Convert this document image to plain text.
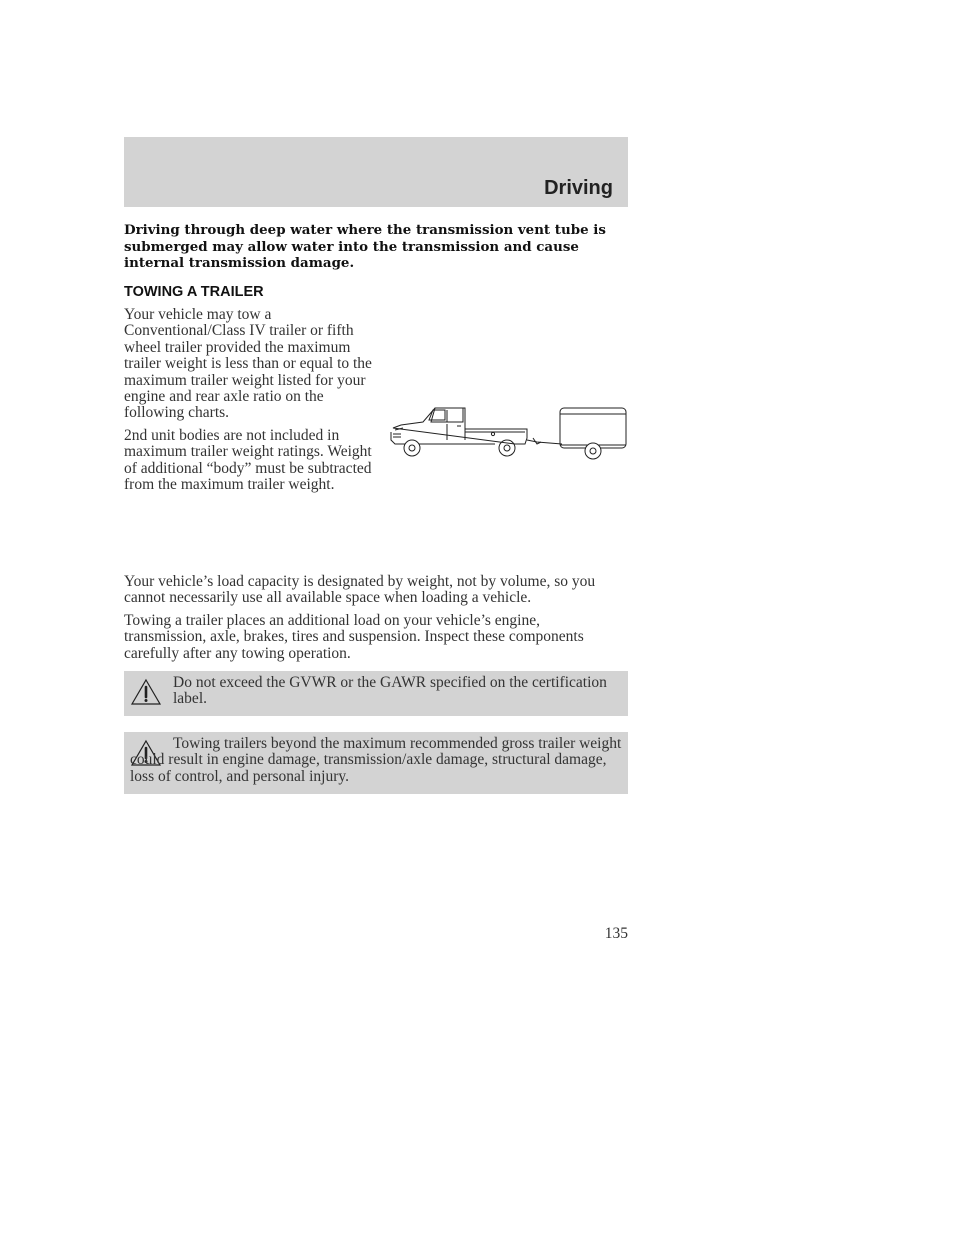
Driving
Driving through deep water where the transmission vent tube is submerged may allow water into the transmission and cause internal transmission damage.
TOWING A TRAILER
Your vehicle may tow a Conventional/Class IV trailer or fifth wheel trailer provided the maximum trailer weight is less than or equal to the maximum trailer weight listed for your engine and rear axle ratio on the following charts.
2nd unit bodies are not included in maximum trailer weight ratings. Weight of additional “body” must be subtracted from the maximum trailer weight.
Your vehicle’s load capacity is designated by weight, not by volume, so you cannot necessarily use all available space when loading a vehicle.
Towing a trailer places an additional load on your vehicle’s engine, transmission, axle, brakes, tires and suspension. Inspect these components carefully after any towing operation.
Do not exceed the GVWR or the GAWR specified on the certification label.
Towing trailers beyond the maximum recommended gross trailer weight could result in engine damage, transmission/axle damage, structural damage, loss of control, and personal injury.
135
